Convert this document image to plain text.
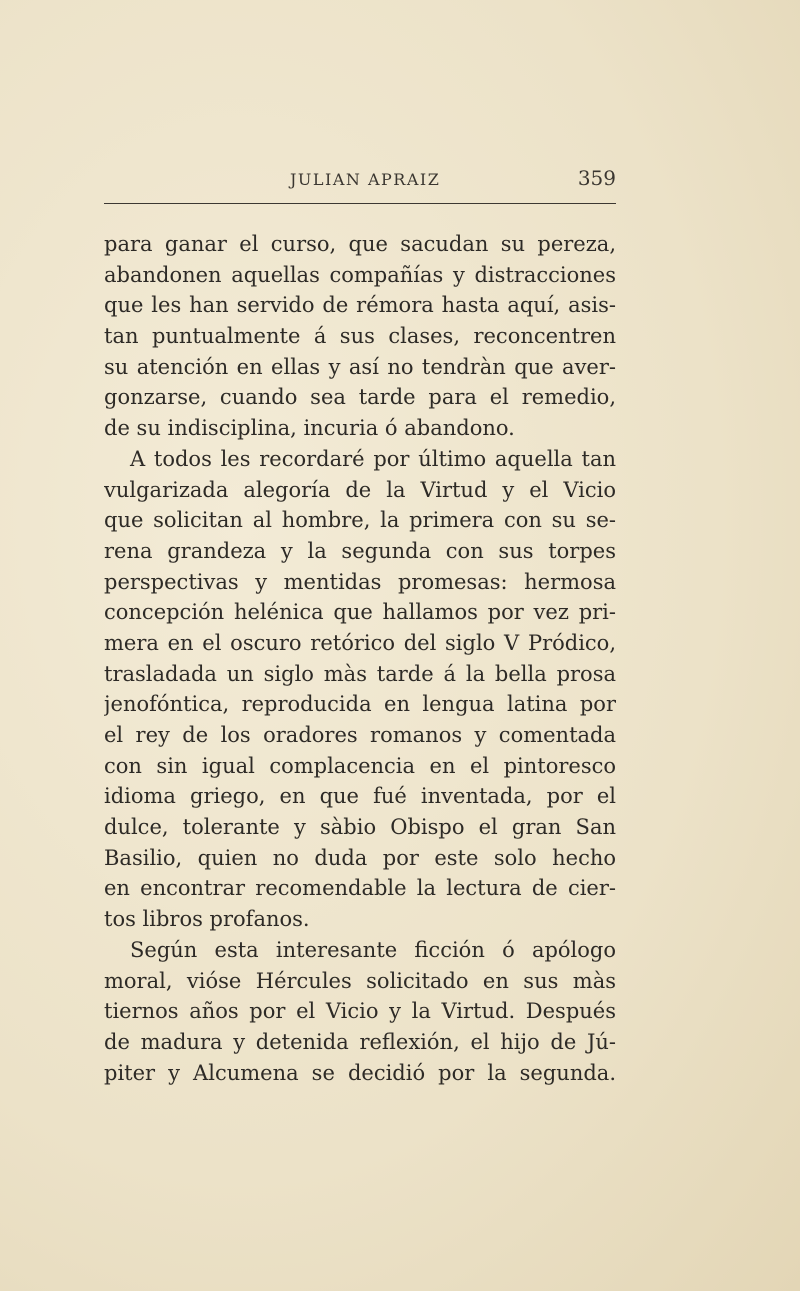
JULIAN APRAIZ	359
para ganar el curso, que sacudan su pereza,
abandonen aquellas compañías y distracciones
que les han servido de rémora hasta aquí, asis-
tan puntualmente á sus clases, reconcentren
su atención en ellas y así no tendràn que aver-
gonzarse, cuando sea tarde para el remedio,
de su indisciplina, incuria ó abandono.
A todos les recordaré por último aquella tan
vulgarizada alegoría de la Virtud y el Vicio
que solicitan al hombre, la primera con su se-
rena grandeza y la segunda con sus torpes
perspectivas y mentidas promesas: hermosa
concepción helénica que hallamos por vez pri-
mera en el oscuro retórico del siglo V Pródico,
trasladada un siglo màs tarde á la bella prosa
jenofóntica, reproducida en lengua latina por
el rey de los oradores romanos y comentada
con sin igual complacencia en el pintoresco
idioma griego, en que fué inventada, por el
dulce, tolerante y sàbio Obispo el gran San
Basilio, quien no duda por este solo hecho
en encontrar recomendable la lectura de cier-
tos libros profanos.
Según esta interesante ficción ó apólogo
moral, vióse Hércules solicitado en sus màs
tiernos años por el Vicio y la Virtud. Después
de madura y detenida reflexión, el hijo de Jú-
piter y Alcumena se decidió por la segunda.
